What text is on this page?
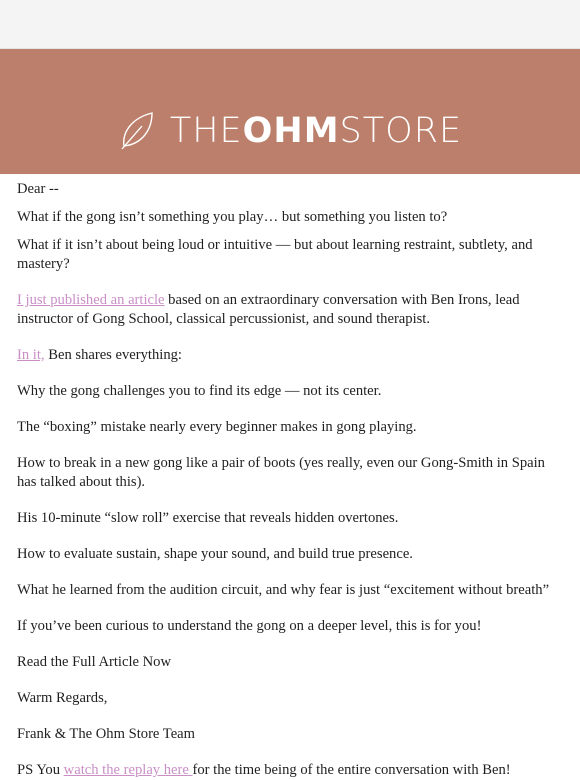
THE OHM STORE
Singing Bowls	Journals	Bundles

Dear --

What if the gong isn’t something you play… but something you listen to?

What if it isn’t about being loud or intuitive — but about learning restraint, subtlety, and mastery?

I just published an article based on an extraordinary conversation with Ben Irons, lead instructor of Gong School, classical percussionist, and sound therapist.

In it, Ben shares everything:

Why the gong challenges you to find its edge — not its center.

The “boxing” mistake nearly every beginner makes in gong playing.

How to break in a new gong like a pair of boots (yes really, even our Gong-Smith in Spain has talked about this).

His 10-minute “slow roll” exercise that reveals hidden overtones.

How to evaluate sustain, shape your sound, and build true presence.

What he learned from the audition circuit, and why fear is just “excitement without breath”

If you’ve been curious to understand the gong on a deeper level, this is for you!

Read the Full Article Now

Warm Regards,

Frank & The Ohm Store Team

PS You watch the replay here for the time being of the entire conversation with Ben!
